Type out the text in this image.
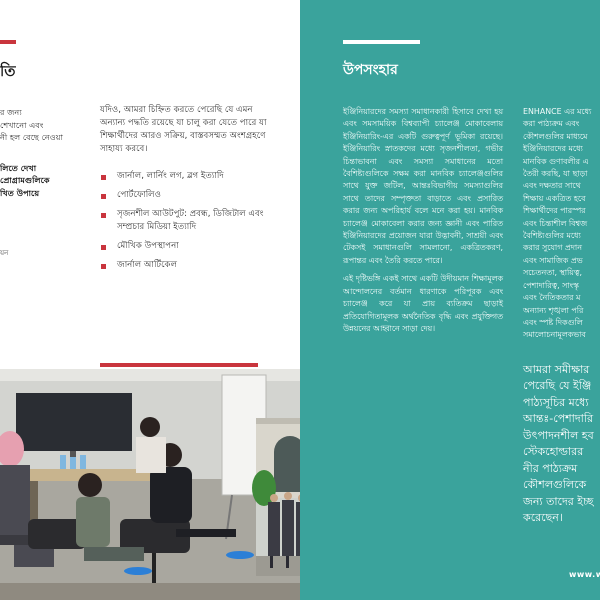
তি

র জন্য
শেখানো এবং
নী হল বেছে নেওয়া

লিতে দেখা
প্রোগ্রামগুলিকে
খিত উপায়ে

য়ন

যদিও, আমরা চিহ্নিত করতে পেরেছি যে এমন অন্যান্য পদ্ধতি রয়েছে যা চালু করা যেতে পারে যা শিক্ষার্থীদের আরও সক্রিয়, বাস্তবসম্মত অংশগ্রহণে সাহায্য করবে।

জার্নাল, লার্নিং লগ, ব্লগ ইত্যাদি
পোর্টফোলিও
সৃজনশীল আউটপুট: প্রবন্ধ, ডিজিটাল এবং সম্প্রচার মিডিয়া ইত্যাদি
মৌখিক উপস্থাপনা
জার্নাল আর্টিকেল
উপসংহার

ইঞ্জিনিয়ারদের সমস্যা সমাধানকারী হিসাবে দেখা হয় এবং সমসাময়িক বিশ্বব্যাপী চ্যালেঞ্জ মোকাবেলায় ইঞ্জিনিয়ারিং-এর একটি গুরুত্বপূর্ণ ভূমিকা রয়েছে। ইঞ্জিনিয়ারিং স্নাতকদের মধ্যে সৃজনশীলতা, গভীর চিন্তাভাবনা এবং সমস্যা সমাধানের মতো বৈশিষ্ট্যগুলিকে সক্ষম করা মানবিক চ্যালেঞ্জগুলির সাথে যুক্ত জটিল, আন্তঃবিভাগীয় সমস্যাগুলির সাথে তাদের সম্পৃক্ততা বাড়াতে এবং প্রসারিত করার জন্য অপরিহার্য বলে মনে করা হয়। মানবিক চ্যালেঞ্জ মোকাবেলা করার জন্য জ্ঞানী এবং পারিত ইঞ্জিনিয়ারদের প্রয়োজন যারা উদ্ভাবনী, সাশ্রয়ী এবং টেকসই সমাধানগুলি সামলানো, একত্রিতকরণ, রূপান্তর এবং তৈরি করতে পারে।

এই দৃষ্টিভঙ্গি একই সাথে একটি উদীয়মান শিক্ষামূলক আন্দোলনের বর্তমান ধারণাকে পরিপূরক এবং চ্যালেঞ্জ করে যা প্রায় ব্যতিক্রম ছাড়াই প্রতিযোগিতামূলক অর্থনৈতিক বৃদ্ধি এবং প্রযুক্তিগত উন্নয়নের আহ্বানে সাড়া দেয়।

ENHANCE এর মধ্যে
করা পাঠ্যক্রম এবং
কৌশলগুলির মাধ্যমে
ইঞ্জিনিয়ারদের মধ্যে
মানবিক গুণাবলীর এ
তৈরী করছি, যা ছাড়া
এবং দক্ষতার সাথে
শিক্ষায় একত্রিত হবে
শিক্ষার্থীদের পারস্পর
এবং চিন্তাশীল বিশ্বজ
বৈশিষ্ট্যগুলির মধ্যে
করার সুযোগ প্রদান
এবং সামাজিক প্রভ
সচেতনতা, স্থায়িত্ব,
পেশাদারিত্ব, সাংস্কৃ
এবং নৈতিকতার ম
অন্যান্য শৃঙ্খলা পরি
এবং স্পষ্ট দিকগুলি
সমালোচনামূলকভাব

আমরা সমীক্ষার
পেরেছি যে ইঞ্জি
পাঠ্যসূচির মধ্যে
আন্তঃ-পেশাদারি
উৎপাদনশীল হব
স্টেকহোল্ডারর
নীর পাঠ্যক্রম
কৌশলগুলিকে
জন্য তাদের ইচ্ছ
করেছেন।

www.wa
